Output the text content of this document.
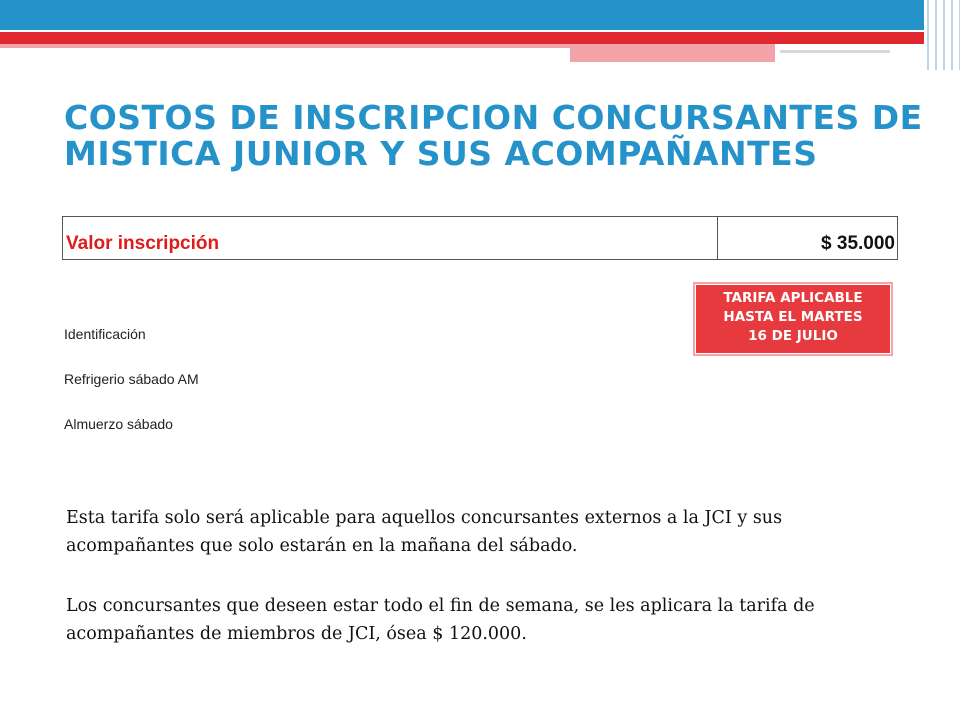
COSTOS DE INSCRIPCION CONCURSANTES DE MISTICA JUNIOR Y SUS ACOMPAÑANTES
Valor inscripción	$ 35.000
TARIFA APLICABLE
HASTA EL MARTES
16 DE JULIO
Identificación
Refrigerio sábado AM
Almuerzo sábado

Esta tarifa solo será aplicable para aquellos concursantes externos a la JCI y sus acompañantes que solo estarán en la mañana del sábado.

Los concursantes que deseen estar todo el fin de semana, se les aplicara la tarifa de acompañantes de miembros de JCI, ósea $ 120.000.
